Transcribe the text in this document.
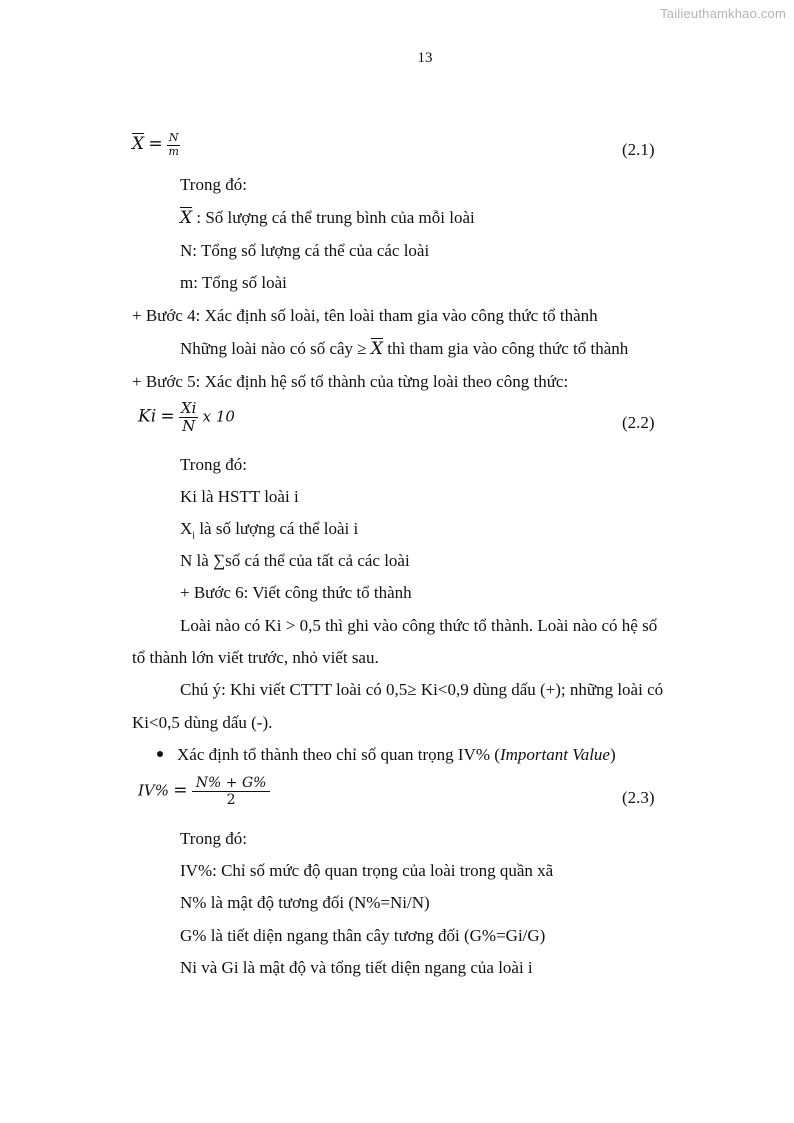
Tailieuthamkhao.com
13
$\overline{X} = \frac{N}{m}$	(2.1)
Trong đó:
$\overline{X}$ : Số lượng cá thể trung bình của mỗi loài
N: Tổng số lượng cá thể của các loài
m: Tổng số loài
+ Bước 4: Xác định số loài, tên loài tham gia vào công thức tổ thành
Những loài nào có số cây ≥ $\overline{X}$ thì tham gia vào công thức tổ thành
+ Bước 5: Xác định hệ số tổ thành của từng loài theo công thức:
$Ki = \frac{Xi}{N}$ x 10	(2.2)
Trong đó:
Ki là HSTT loài i
$X_i$ là số lượng cá thể loài i
N là ∑số cá thể của tất cả các loài
+ Bước 6: Viết công thức tổ thành
Loài nào có Ki > 0,5 thì ghi vào công thức tổ thành. Loài nào có hệ số
tổ thành lớn viết trước, nhỏ viết sau.
Chú ý: Khi viết CTTT loài có 0,5≥ Ki<0,9 dùng dấu (+); những loài có
Ki<0,5 dùng dấu (-).
Xác định tổ thành theo chỉ số quan trọng IV% (Important Value)
$IV\% = \frac{N\% + G\%}{2}$	(2.3)
Trong đó:
IV%: Chỉ số mức độ quan trọng của loài trong quần xã
N% là mật độ tương đối (N%=Ni/N)
G% là tiết diện ngang thân cây tương đối (G%=Gi/G)
Ni và Gi là mật độ và tổng tiết diện ngang của loài i
